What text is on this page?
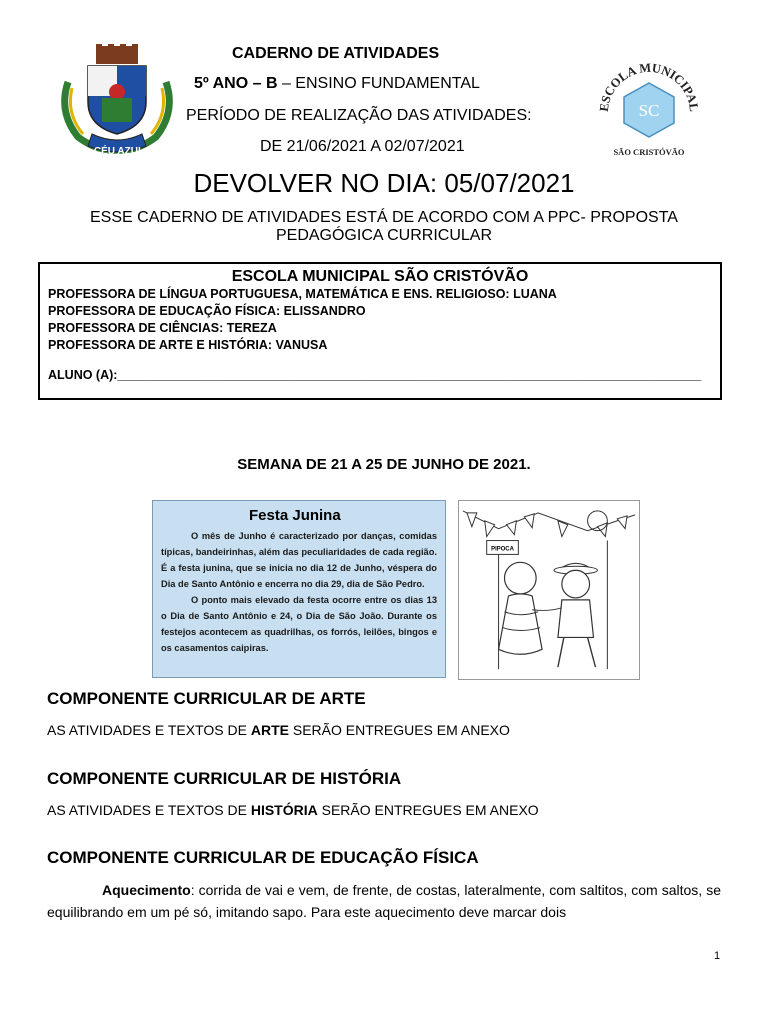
CÉU AZUL
ESCOLA MUNICIPAL
SC
SÃO CRISTÓVÃO
CADERNO DE ATIVIDADES
5º ANO – B – ENSINO FUNDAMENTAL
PERÍODO DE REALIZAÇÃO DAS ATIVIDADES:
DE 21/06/2021 A 02/07/2021
DEVOLVER NO DIA: 05/07/2021
ESSE CADERNO DE ATIVIDADES ESTÁ DE ACORDO COM A PPC- PROPOSTA PEDAGÓGICA CURRICULAR
ESCOLA MUNICIPAL SÃO CRISTÓVÃO
PROFESSORA DE LÍNGUA PORTUGUESA, MATEMÁTICA E ENS. RELIGIOSO: LUANA
PROFESSORA DE EDUCAÇÃO FÍSICA: ELISSANDRO
PROFESSORA DE CIÊNCIAS: TEREZA
PROFESSORA DE ARTE E HISTÓRIA: VANUSA
ALUNO (A):____________________________________________________________________________________
SEMANA DE 21 A 25 DE JUNHO DE 2021.
Festa Junina

O mês de Junho é caracterizado por danças, comidas típicas, bandeirinhas, além das peculiaridades de cada região. É a festa junina, que se inicia no dia 12 de Junho, véspera do Dia de Santo Antônio e encerra no dia 29, dia de São Pedro.

O ponto mais elevado da festa ocorre entre os dias 13 o Dia de Santo Antônio e 24, o Dia de São João. Durante os festejos acontecem as quadrilhas, os forrós, leilões, bingos e os casamentos caipiras.

PIPOCA
COMPONENTE CURRICULAR DE ARTE
AS ATIVIDADES E TEXTOS DE ARTE SERÃO ENTREGUES EM ANEXO
COMPONENTE CURRICULAR DE HISTÓRIA
AS ATIVIDADES E TEXTOS DE HISTÓRIA SERÃO ENTREGUES EM ANEXO
COMPONENTE CURRICULAR DE EDUCAÇÃO FÍSICA
Aquecimento: corrida de vai e vem, de frente, de costas, lateralmente, com saltitos, com saltos, se equilibrando em um pé só, imitando sapo. Para este aquecimento deve marcar dois
1
